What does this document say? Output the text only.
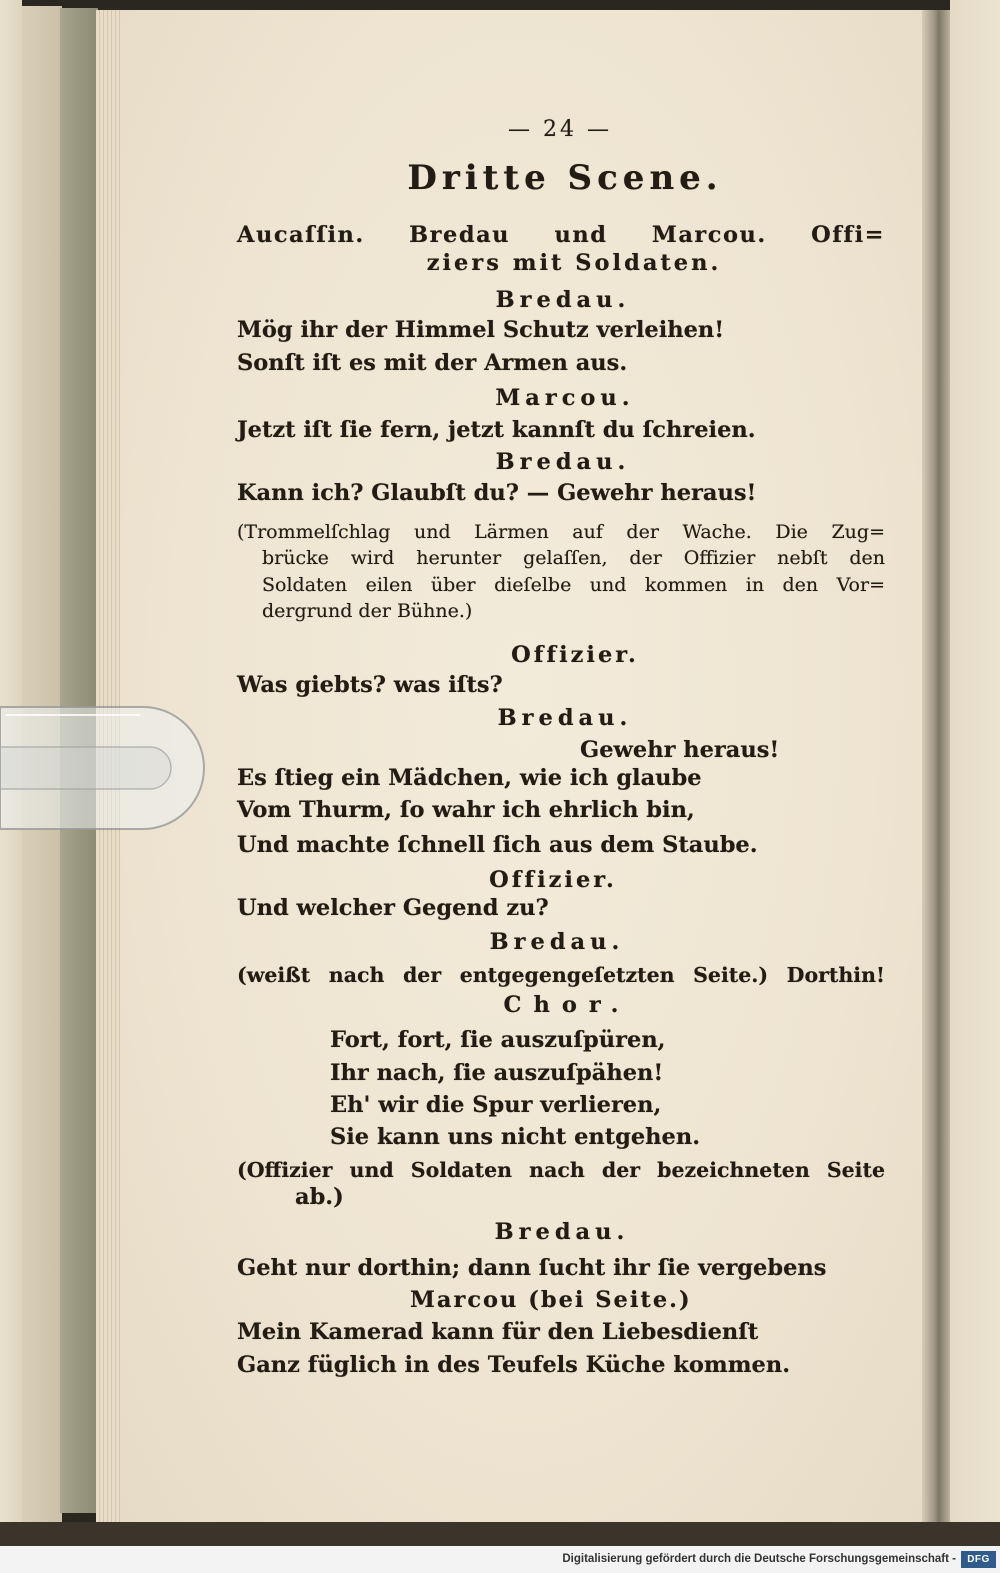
— 24 —
Dritte Scene.
Aucaſſin. Bredau und Marcou. Offi=
ziers mit Soldaten.
Bredau.
Mög ihr der Himmel Schutz verleihen!
Sonſt iſt es mit der Armen aus.
Marcou.
Jetzt iſt ſie fern, jetzt kannſt du ſchreien.
Bredau.
Kann ich? Glaubſt du? — Gewehr heraus!
(Trommelſchlag und Lärmen auf der Wache. Die Zug=
brücke wird herunter gelaſſen, der Offizier nebſt den
Soldaten eilen über dieſelbe und kommen in den Vor=
dergrund der Bühne.)
Offizier.
Was giebts? was iſts?
Bredau.
Gewehr heraus!
Es ſtieg ein Mädchen, wie ich glaube
Vom Thurm, ſo wahr ich ehrlich bin,
Und machte ſchnell ſich aus dem Staube.
Offizier.
Und welcher Gegend zu?
Bredau.
(weißt nach der entgegengeſetzten Seite.) Dorthin!
Chor.
Fort, fort, ſie auszuſpüren,
Ihr nach, ſie auszuſpähen!
Eh' wir die Spur verlieren,
Sie kann uns nicht entgehen.
(Offizier und Soldaten nach der bezeichneten Seite
ab.)
Bredau.
Geht nur dorthin; dann ſucht ihr ſie vergebens
Marcou (bei Seite.)
Mein Kamerad kann für den Liebesdienſt
Ganz füglich in des Teufels Küche kommen.
Digitalisierung gefördert durch die Deutsche Forschungsgemeinschaft -	DFG
